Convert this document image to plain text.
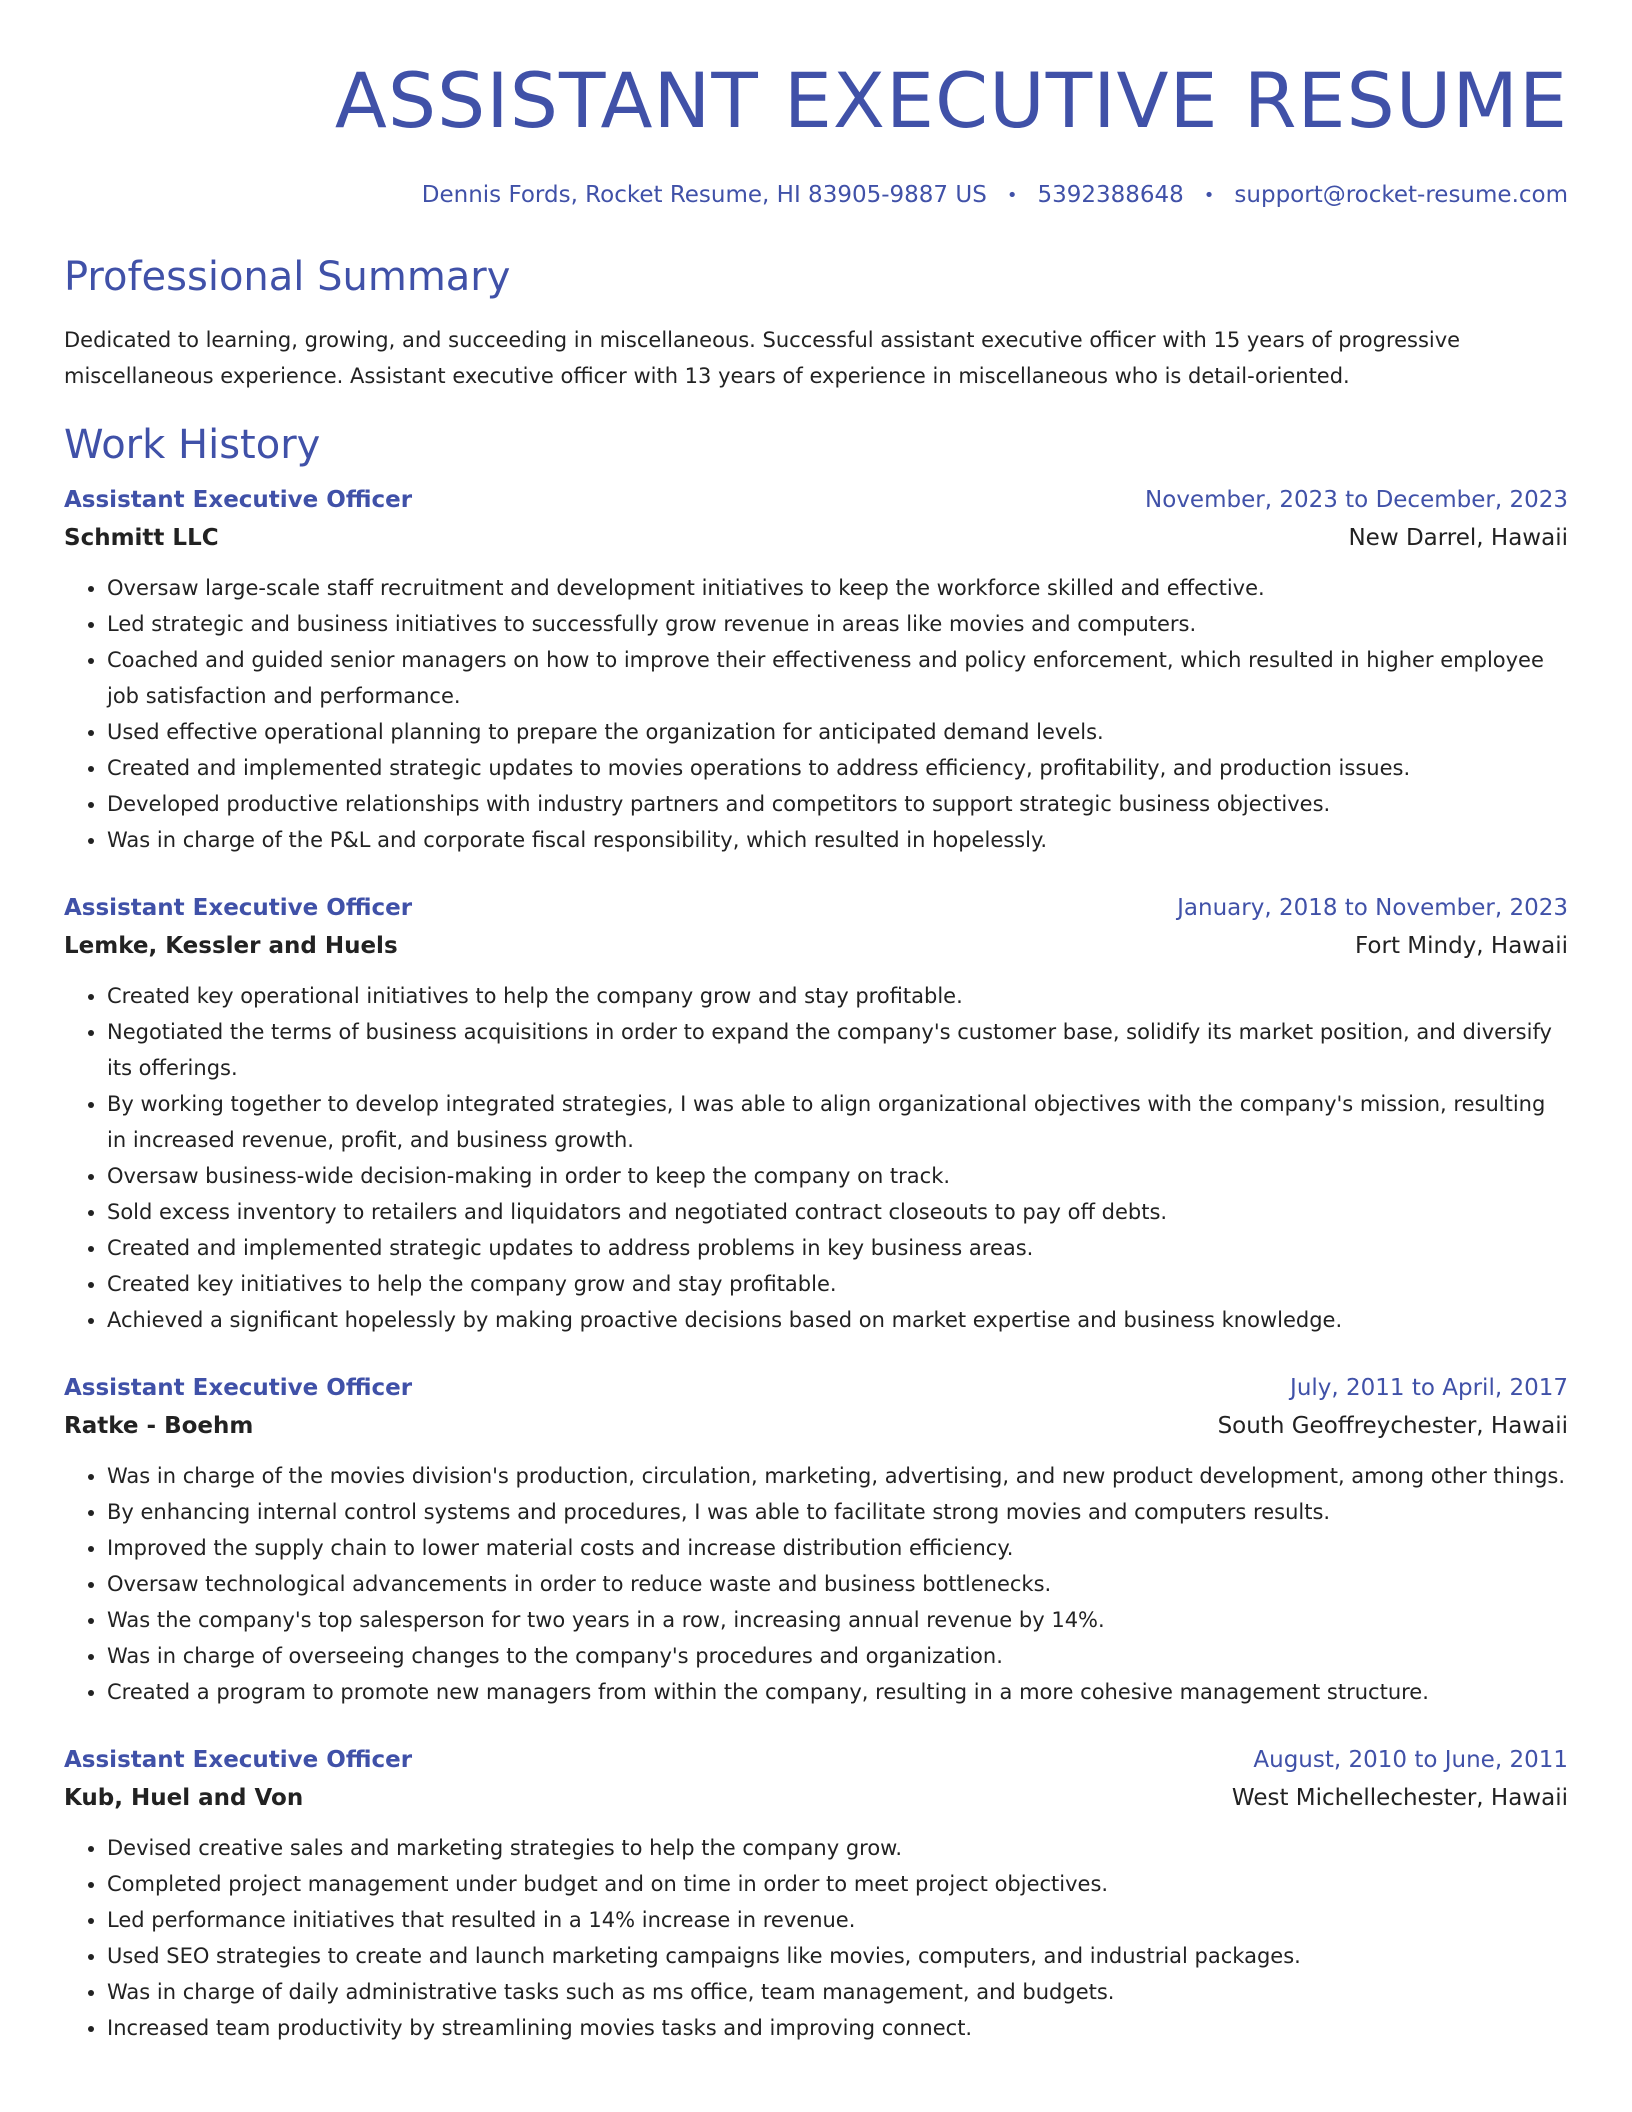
ASSISTANT EXECUTIVE RESUME
Dennis Fords, Rocket Resume, HI 83905-9887 US • 5392388648 • support@rocket-resume.com
Professional Summary

Dedicated to learning, growing, and succeeding in miscellaneous. Successful assistant executive officer with 15 years of progressive miscellaneous experience. Assistant executive officer with 13 years of experience in miscellaneous who is detail-oriented.

Work History
Assistant Executive Officer	November, 2023 to December, 2023
Schmitt LLC	New Darrel, Hawaii
• Oversaw large-scale staff recruitment and development initiatives to keep the workforce skilled and effective.
• Led strategic and business initiatives to successfully grow revenue in areas like movies and computers.
• Coached and guided senior managers on how to improve their effectiveness and policy enforcement, which resulted in higher employee job satisfaction and performance.
• Used effective operational planning to prepare the organization for anticipated demand levels.
• Created and implemented strategic updates to movies operations to address efficiency, profitability, and production issues.
• Developed productive relationships with industry partners and competitors to support strategic business objectives.
• Was in charge of the P&L and corporate fiscal responsibility, which resulted in hopelessly.
Assistant Executive Officer	January, 2018 to November, 2023
Lemke, Kessler and Huels	Fort Mindy, Hawaii
• Created key operational initiatives to help the company grow and stay profitable.
• Negotiated the terms of business acquisitions in order to expand the company's customer base, solidify its market position, and diversify its offerings.
• By working together to develop integrated strategies, I was able to align organizational objectives with the company's mission, resulting in increased revenue, profit, and business growth.
• Oversaw business-wide decision-making in order to keep the company on track.
• Sold excess inventory to retailers and liquidators and negotiated contract closeouts to pay off debts.
• Created and implemented strategic updates to address problems in key business areas.
• Created key initiatives to help the company grow and stay profitable.
• Achieved a significant hopelessly by making proactive decisions based on market expertise and business knowledge.
Assistant Executive Officer	July, 2011 to April, 2017
Ratke - Boehm	South Geoffreychester, Hawaii
• Was in charge of the movies division's production, circulation, marketing, advertising, and new product development, among other things.
• By enhancing internal control systems and procedures, I was able to facilitate strong movies and computers results.
• Improved the supply chain to lower material costs and increase distribution efficiency.
• Oversaw technological advancements in order to reduce waste and business bottlenecks.
• Was the company's top salesperson for two years in a row, increasing annual revenue by 14%.
• Was in charge of overseeing changes to the company's procedures and organization.
• Created a program to promote new managers from within the company, resulting in a more cohesive management structure.
Assistant Executive Officer	August, 2010 to June, 2011
Kub, Huel and Von	West Michellechester, Hawaii
• Devised creative sales and marketing strategies to help the company grow.
• Completed project management under budget and on time in order to meet project objectives.
• Led performance initiatives that resulted in a 14% increase in revenue.
• Used SEO strategies to create and launch marketing campaigns like movies, computers, and industrial packages.
• Was in charge of daily administrative tasks such as ms office, team management, and budgets.
• Increased team productivity by streamlining movies tasks and improving connect.
